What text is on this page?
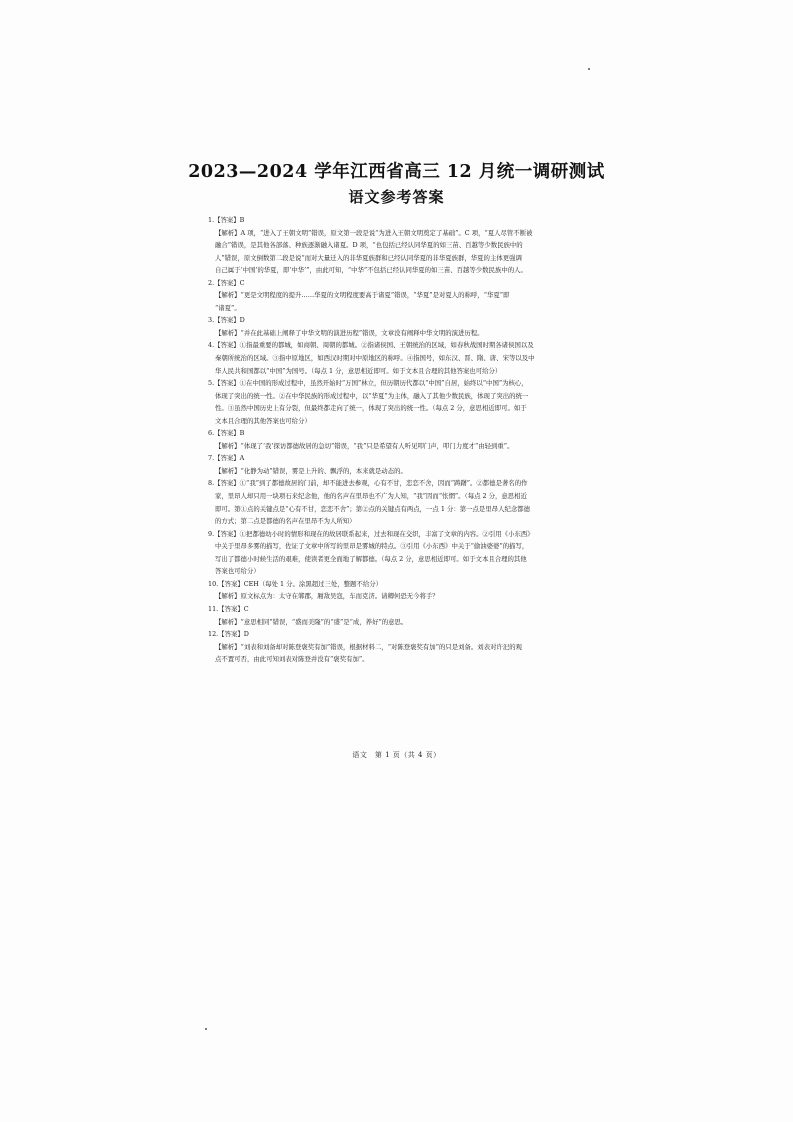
2023—2024 学年江西省高三 12 月统一调研测试
语文参考答案
1.【答案】B
【解析】A 项，“进入了王朝文明”错误，原文第一段是说“为进入王朝文明奠定了基础”。C 项，“夏人尽管不断被
融合”错误，是其他各部落、种族逐渐融入诸夏。D 项，“也包括已经认同华夏的如三苗、百越等少数民族中的
人”错误，原文倒数第二段是说“而对大量迁入的非华夏族群和已经认同华夏的非华夏族群，华夏的主体更强调
自己属于‘中国’的华夏，即‘中华’”，由此可知，“中华”不包括已经认同华夏的如三苗、百越等少数民族中的人。
2.【答案】C
【解析】“更是文明程度的提升……华夏的文明程度要高于诸夏”错误，“华夏”是对夏人的称呼，“华夏”即
“诸夏”。
3.【答案】D
【解析】“并在此基础上阐释了中华文明的演进历程”错误，文章没有阐释中华文明的演进历程。
4.【答案】①指最重要的都城，如商朝、周朝的都城。②指诸侯国、王朝统治的区域，如春秋战国时期各诸侯国以及
秦朝所统治的区域。③指中原地区，如西汉时期对中原地区的称呼。④指国号，如东汉、晋、隋、唐、宋等以及中
华人民共和国都以“中国”为国号。（每点 1 分，意思相近即可。如于文本且合理的其他答案也可给分）
5.【答案】①在中国的形成过程中，虽然开始时“万国”林立，但历朝历代都以“中国”自居，始终以“中国”为核心，
体现了突出的统一性。②在中华民族的形成过程中，以“华夏”为主体，融入了其他少数民族，体现了突出的统一
性。③虽然中国历史上有分裂，但最终都走向了统一，体现了突出的统一性。（每点 2 分，意思相近即可。如于
文本且合理的其他答案也可给分）
6.【答案】B
【解析】“体现了‘我’探访都德故居的急切”错误，“我”只是希望有人听见叩门声，叩门力度才“由轻到重”。
7.【答案】A
【解析】“化静为动”错误，雾是上升的、飘浮的，本来就是动态的。
8.【答案】①“我”到了都德故居的门前，却不能进去参观，心有不甘，恋恋不舍，因而“踌躇”。②都德是著名的作
家，里昂人却只用一块项石来纪念他，他的名声在里昂也不广为人知，“我”因而“怅惘”。（每点 2 分，意思相近
即可。第①点的关键点是“心有不甘，恋恋不舍”；第②点的关键点有两点，一点 1 分：第一点是里昂人纪念都德
的方式；第二点是都德的名声在里昂不为人所知）
9.【答案】①把都德幼小时的情形和现在的故居联系起来，过去和现在交织，丰富了文章的内容。②引用《小东西》
中关于里昂多雾的描写，佐证了文章中所写的里昂是雾城的特点。③引用《小东西》中关于“偷油婆婆”的描写，
写出了都德小时候生活的艰难，使读者更全面地了解都德。（每点 2 分，意思相近即可。如于文本且合理的其他
答案也可给分）
10.【答案】CEH（每处 1 分。涂黑超过三处，整题不给分）
【解析】原文标点为：太守在郸郡，厢敌吴寇，车而克济。请卿何恐无今将手？
11.【答案】C
【解析】“意思相同”错误，“盛而美隆”的“盛”是“成，养好”的意思。
12.【答案】D
【解析】“刘表和刘备却对陈登褒奖有加”错误，根据材料二，“对陈登褒奖有加”的只是刘备。刘表对许汜的观
点不置可否，由此可知刘表对陈登并没有“褒奖有加”。
语文　第 1 页（共 4 页）
